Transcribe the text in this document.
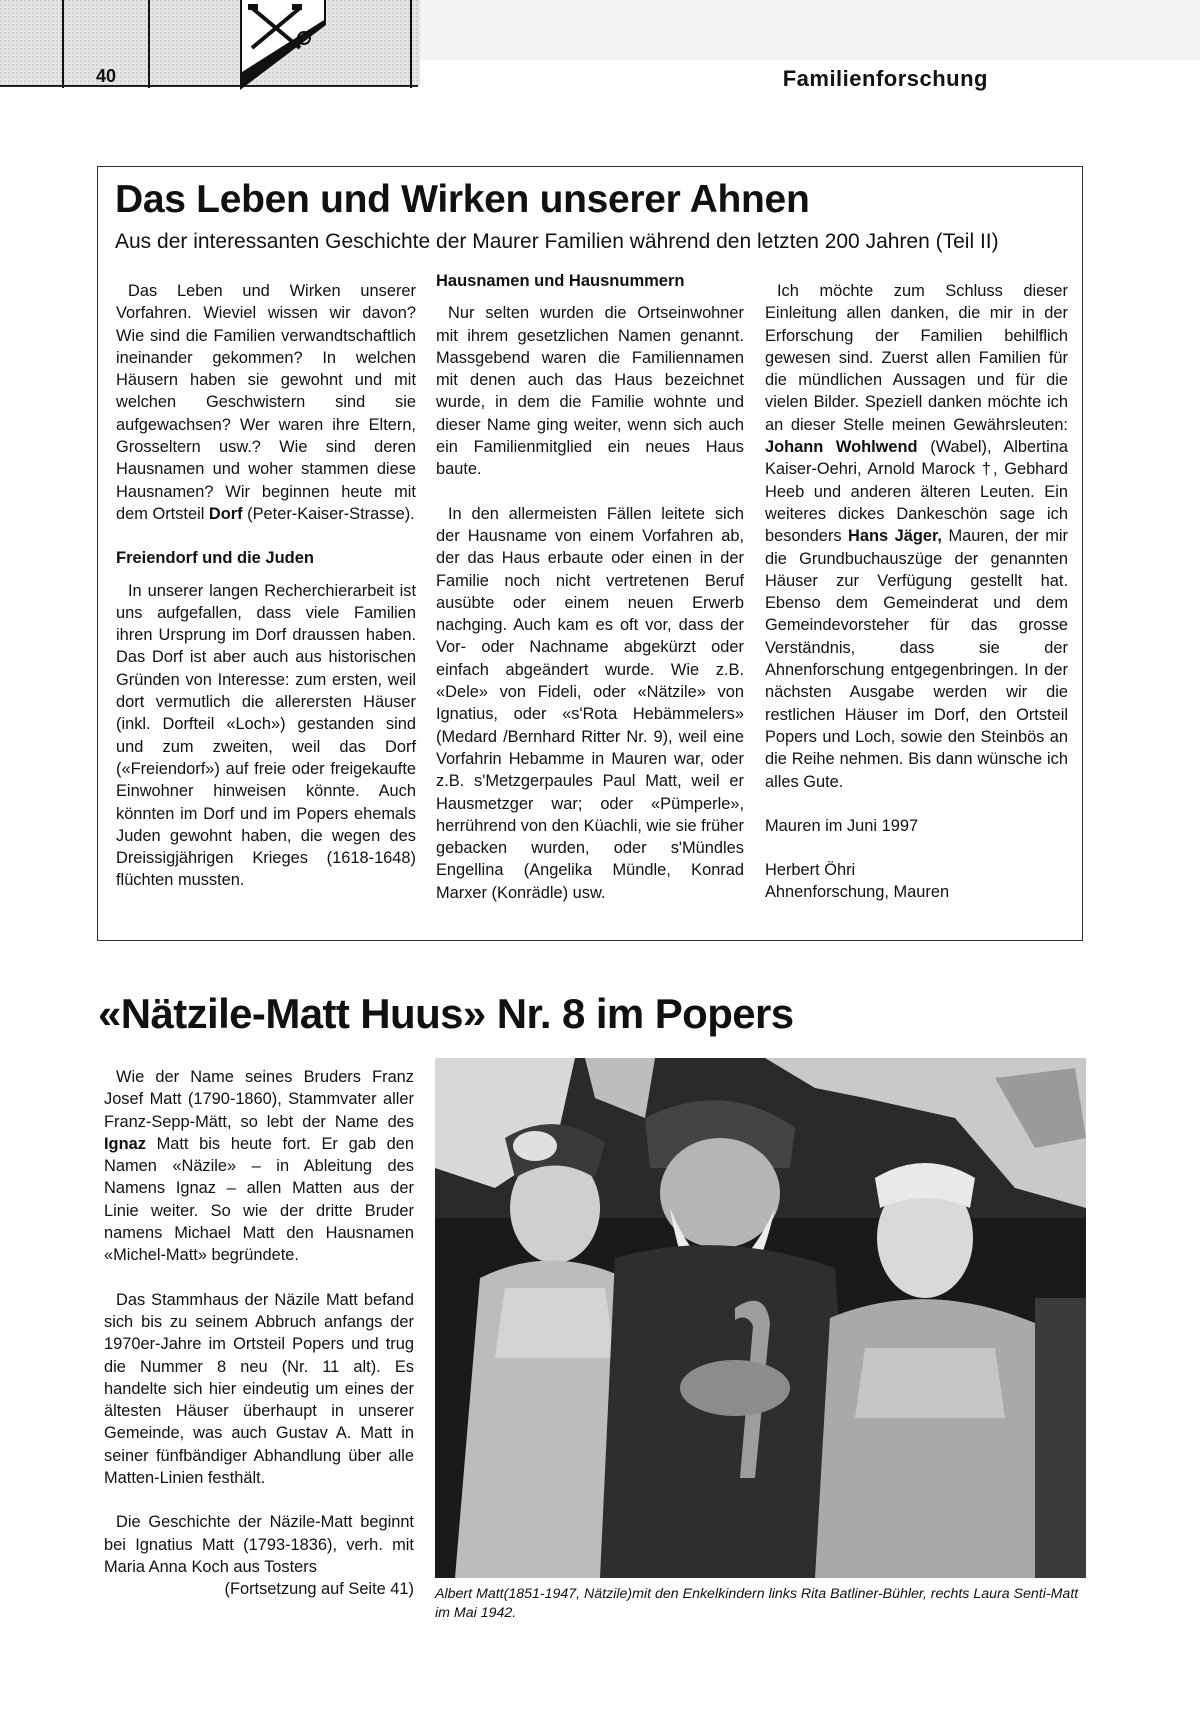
40	Familienforschung
Das Leben und Wirken unserer Ahnen
Aus der interessanten Geschichte der Maurer Familien während den letzten 200 Jahren (Teil II)

Das Leben und Wirken unserer Vorfahren. Wieviel wissen wir davon? Wie sind die Familien verwandtschaftlich ineinander gekommen? In welchen Häusern haben sie gewohnt und mit welchen Geschwistern sind sie aufgewachsen? Wer waren ihre Eltern, Grosseltern usw.? Wie sind deren Hausnamen und woher stammen diese Hausnamen? Wir beginnen heute mit dem Ortsteil Dorf (Peter-Kaiser-Strasse).

Freiendorf und die Juden

In unserer langen Recherchierarbeit ist uns aufgefallen, dass viele Familien ihren Ursprung im Dorf draussen haben. Das Dorf ist aber auch aus historischen Gründen von Interesse: zum ersten, weil dort vermutlich die allerersten Häuser (inkl. Dorfteil «Loch») gestanden sind und zum zweiten, weil das Dorf («Freiendorf») auf freie oder freigekaufte Einwohner hinweisen könnte. Auch könnten im Dorf und im Popers ehemals Juden gewohnt haben, die wegen des Dreissigjährigen Krieges (1618-1648) flüchten mussten.

Hausnamen und Hausnummern

Nur selten wurden die Ortseinwohner mit ihrem gesetzlichen Namen genannt. Massgebend waren die Familiennamen mit denen auch das Haus bezeichnet wurde, in dem die Familie wohnte und dieser Name ging weiter, wenn sich auch ein Familienmitglied ein neues Haus baute.

In den allermeisten Fällen leitete sich der Hausname von einem Vorfahren ab, der das Haus erbaute oder einen in der Familie noch nicht vertretenen Beruf ausübte oder einem neuen Erwerb nachging. Auch kam es oft vor, dass der Vor- oder Nachname abgekürzt oder einfach abgeändert wurde. Wie z.B. «Dele» von Fideli, oder «Nätzile» von Ignatius, oder «s'Rota Hebämmelers» (Medard /Bernhard Ritter Nr. 9), weil eine Vorfahrin Hebamme in Mauren war, oder z.B. s'Metzgerpaules Paul Matt, weil er Hausmetzger war; oder «Pümperle», herrührend von den Küachli, wie sie früher gebacken wurden, oder s'Mündles Engellina (Angelika Mündle, Konrad Marxer (Konrädle) usw.

Ich möchte zum Schluss dieser Einleitung allen danken, die mir in der Erforschung der Familien behilflich gewesen sind. Zuerst allen Familien für die mündlichen Aussagen und für die vielen Bilder. Speziell danken möchte ich an dieser Stelle meinen Gewährsleuten: Johann Wohlwend (Wabel), Albertina Kaiser-Oehri, Arnold Marock †, Gebhard Heeb und anderen älteren Leuten. Ein weiteres dickes Dankeschön sage ich besonders Hans Jäger, Mauren, der mir die Grundbuchauszüge der genannten Häuser zur Verfügung gestellt hat. Ebenso dem Gemeinderat und dem Gemeindevorsteher für das grosse Verständnis, dass sie der Ahnenforschung entgegenbringen. In der nächsten Ausgabe werden wir die restlichen Häuser im Dorf, den Ortsteil Popers und Loch, sowie den Steinbös an die Reihe nehmen. Bis dann wünsche ich alles Gute.

Mauren im Juni 1997

Herbert Öhri

Ahnenforschung, Mauren

«Nätzile-Matt Huus» Nr. 8 im Popers

Wie der Name seines Bruders Franz Josef Matt (1790-1860), Stammvater aller Franz-Sepp-Mätt, so lebt der Name des Ignaz Matt bis heute fort. Er gab den Namen «Näzile» – in Ableitung des Namens Ignaz – allen Matten aus der Linie weiter. So wie der dritte Bruder namens Michael Matt den Hausnamen «Michel-Matt» begründete.

Das Stammhaus der Näzile Matt befand sich bis zu seinem Abbruch anfangs der 1970er-Jahre im Ortsteil Popers und trug die Nummer 8 neu (Nr. 11 alt). Es handelte sich hier eindeutig um eines der ältesten Häuser überhaupt in unserer Gemeinde, was auch Gustav A. Matt in seiner fünfbändiger Abhandlung über alle Matten-Linien festhält.

Die Geschichte der Näzile-Matt beginnt bei Ignatius Matt (1793-1836), verh. mit Maria Anna Koch aus Tosters

(Fortsetzung auf Seite 41) Albert Matt(1851-1947, Nätzile)mit den Enkelkindern links Rita Batliner-Bühler, rechts Laura Senti-Matt im Mai 1942.
